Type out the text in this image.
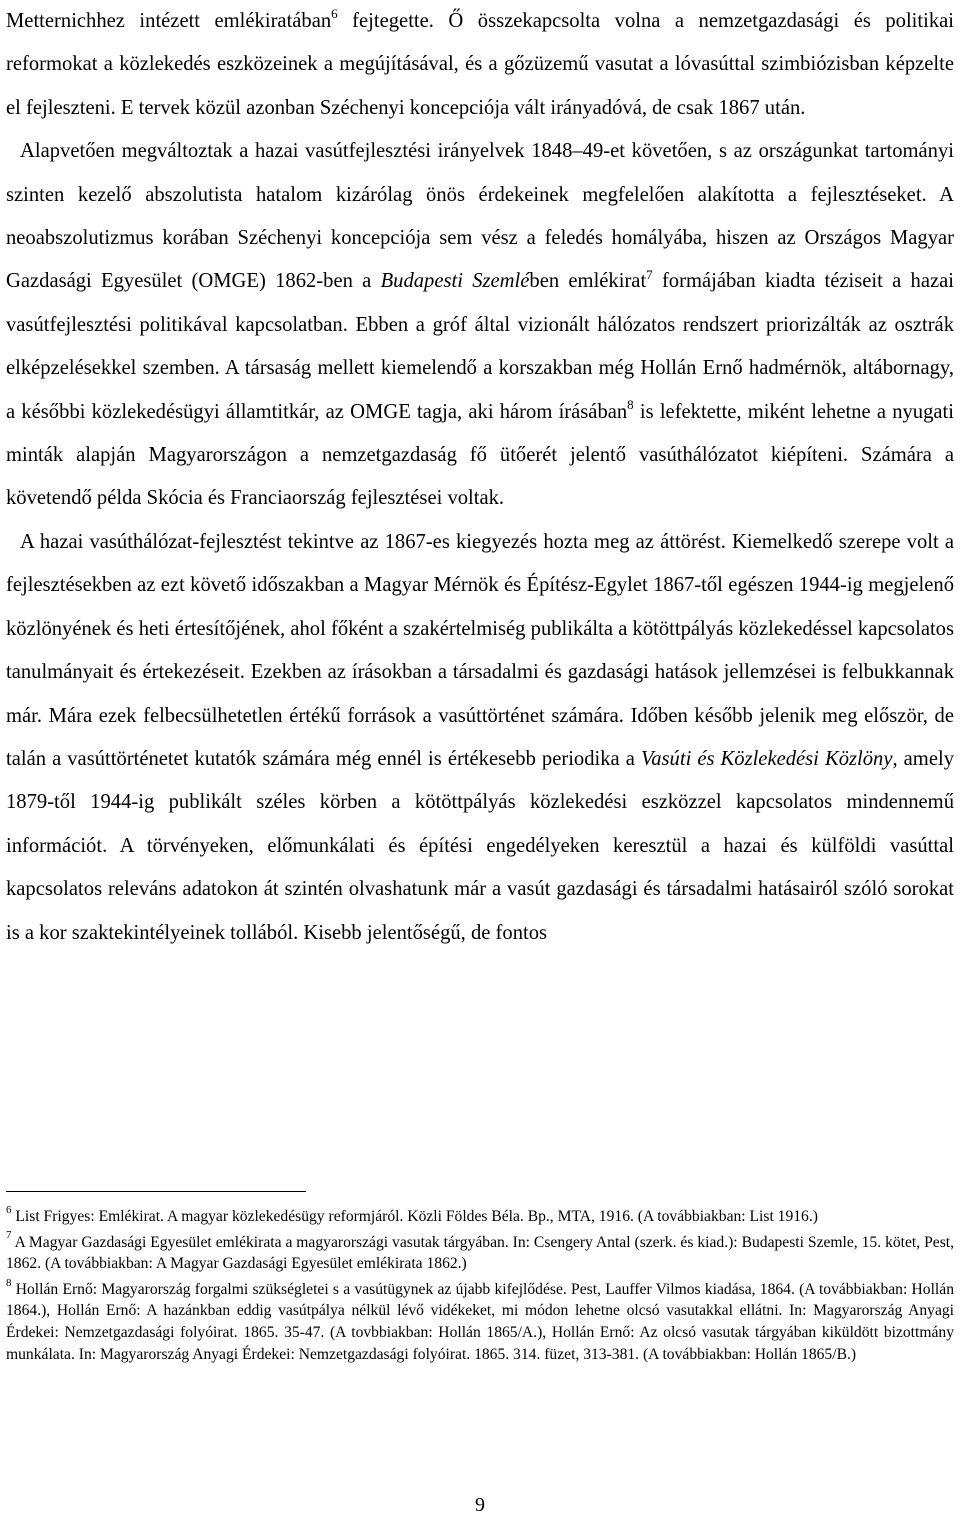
Metternichhez intézett emlékiratában$^6$ fejtegette. Ő összekapcsolta volna a nemzetgazdasági és politikai reformokat a közlekedés eszközeinek a megújításával, és a gőzüzemű vasutat a lóvasúttal szimbiózisban képzelte el fejleszteni. E tervek közül azonban Széchenyi koncepciója vált irányadóvá, de csak 1867 után.

Alapvetően megváltoztak a hazai vasútfejlesztési irányelvek 1848–49-et követően, s az országunkat tartományi szinten kezelő abszolutista hatalom kizárólag önös érdekeinek megfelelően alakította a fejlesztéseket. A neoabszolutizmus korában Széchenyi koncepciója sem vész a feledés homályába, hiszen az Országos Magyar Gazdasági Egyesület (OMGE) 1862-ben a Budapesti Szemlében emlékirat$^7$ formájában kiadta téziseit a hazai vasútfejlesztési politikával kapcsolatban. Ebben a gróf által vizionált hálózatos rendszert priorizálták az osztrák elképzelésekkel szemben. A társaság mellett kiemelendő a korszakban még Hollán Ernő hadmérnök, altábornagy, a későbbi közlekedésügyi államtitkár, az OMGE tagja, aki három írásában$^8$ is lefektette, miként lehetne a nyugati minták alapján Magyarországon a nemzetgazdaság fő ütőerét jelentő vasúthálózatot kiépíteni. Számára a követendő példa Skócia és Franciaország fejlesztései voltak.

A hazai vasúthálózat-fejlesztést tekintve az 1867-es kiegyezés hozta meg az áttörést. Kiemelkedő szerepe volt a fejlesztésekben az ezt követő időszakban a Magyar Mérnök és Építész-Egylet 1867-től egészen 1944-ig megjelenő közlönyének és heti értesítőjének, ahol főként a szakértelmiség publikálta a kötöttpályás közlekedéssel kapcsolatos tanulmányait és értekezéseit. Ezekben az írásokban a társadalmi és gazdasági hatások jellemzései is felbukkannak már. Mára ezek felbecsülhetetlen értékű források a vasúttörténet számára. Időben később jelenik meg először, de talán a vasúttörténetet kutatók számára még ennél is értékesebb periodika a Vasúti és Közlekedési Közlöny, amely 1879-től 1944-ig publikált széles körben a kötöttpályás közlekedési eszközzel kapcsolatos mindennemű információt. A törvényeken, előmunkálati és építési engedélyeken keresztül a hazai és külföldi vasúttal kapcsolatos releváns adatokon át szintén olvashatunk már a vasút gazdasági és társadalmi hatásairól szóló sorokat is a kor szaktekintélyeinek tollából. Kisebb jelentőségű, de fontos

$^6$ List Frigyes: Emlékirat. A magyar közlekedésügy reformjáról. Közli Földes Béla. Bp., MTA, 1916. (A továbbiakban: List 1916.)
$^7$ A Magyar Gazdasági Egyesület emlékirata a magyarországi vasutak tárgyában. In: Csengery Antal (szerk. és kiad.): Budapesti Szemle, 15. kötet, Pest, 1862. (A továbbiakban: A Magyar Gazdasági Egyesület emlékirata 1862.)
$^8$ Hollán Ernő: Magyarország forgalmi szükségletei s a vasútügynek az újabb kifejlődése. Pest, Lauffer Vilmos kiadása, 1864. (A továbbiakban: Hollán 1864.), Hollán Ernő: A hazánkban eddig vasútpálya nélkül lévő vidékeket, mi módon lehetne olcsó vasutakkal ellátni. In: Magyarország Anyagi Érdekei: Nemzetgazdasági folyóirat. 1865. 35-47. (A tovbbiakban: Hollán 1865/A.), Hollán Ernő: Az olcsó vasutak tárgyában kiküldött bizottmány munkálata. In: Magyarország Anyagi Érdekei: Nemzetgazdasági folyóirat. 1865. 314. füzet, 313-381. (A továbbiakban: Hollán 1865/B.)
9
